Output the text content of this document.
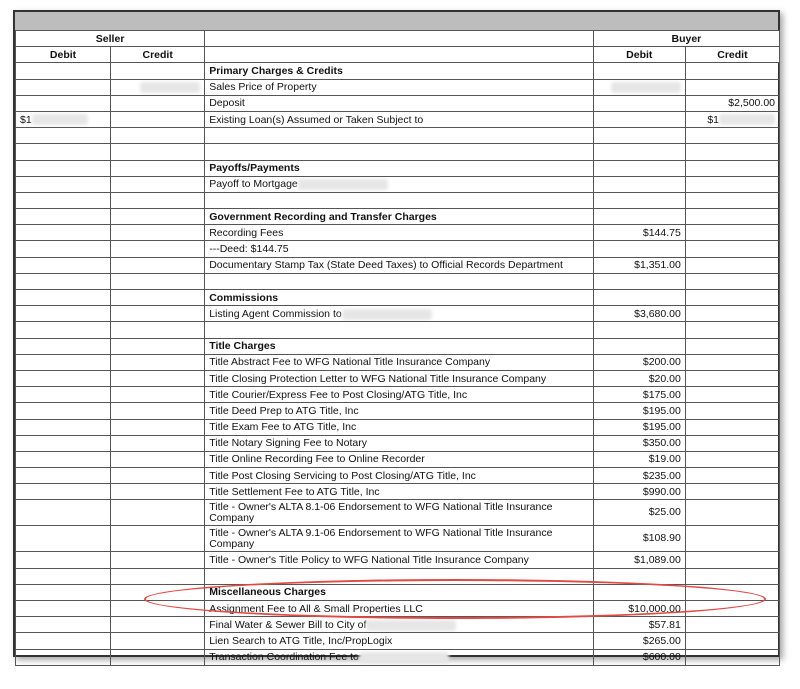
Seller			Buyer	
Debit	Credit		Debit	Credit
		Primary Charges & Credits		
		Sales Price of Property		
		Deposit		$2,500.00
$1		Existing Loan(s) Assumed or Taken Subject to		$1

		Payoffs/Payments		
		Payoff to Mortgage		

		Government Recording and Transfer Charges		
		Recording Fees	$144.75	
		---Deed: $144.75		
		Documentary Stamp Tax (State Deed Taxes) to Official Records Department	$1,351.00	

		Commissions		
		Listing Agent Commission to	$3,680.00	

		Title Charges		
		Title Abstract Fee to WFG National Title Insurance Company	$200.00	
		Title Closing Protection Letter to WFG National Title Insurance Company	$20.00	
		Title Courier/Express Fee to Post Closing/ATG Title, Inc	$175.00	
		Title Deed Prep to ATG Title, Inc	$195.00	
		Title Exam Fee to ATG Title, Inc	$195.00	
		Title Notary Signing Fee to Notary	$350.00	
		Title Online Recording Fee to Online Recorder	$19.00	
		Title Post Closing Servicing to Post Closing/ATG Title, Inc	$235.00	
		Title Settlement Fee to ATG Title, Inc	$990.00	
		Title - Owner's ALTA 8.1-06 Endorsement to WFG National Title Insurance Company	$25.00	
		Title - Owner's ALTA 9.1-06 Endorsement to WFG National Title Insurance Company	$108.90	
		Title - Owner's Title Policy to WFG National Title Insurance Company	$1,089.00	

		Miscellaneous Charges		
		Assignment Fee to All & Small Properties LLC	$10,000.00	
		Final Water & Sewer Bill to City of	$57.81	
		Lien Search to ATG Title, Inc/PropLogix	$265.00	
		Transaction Coordination Fee to	$600.00	
